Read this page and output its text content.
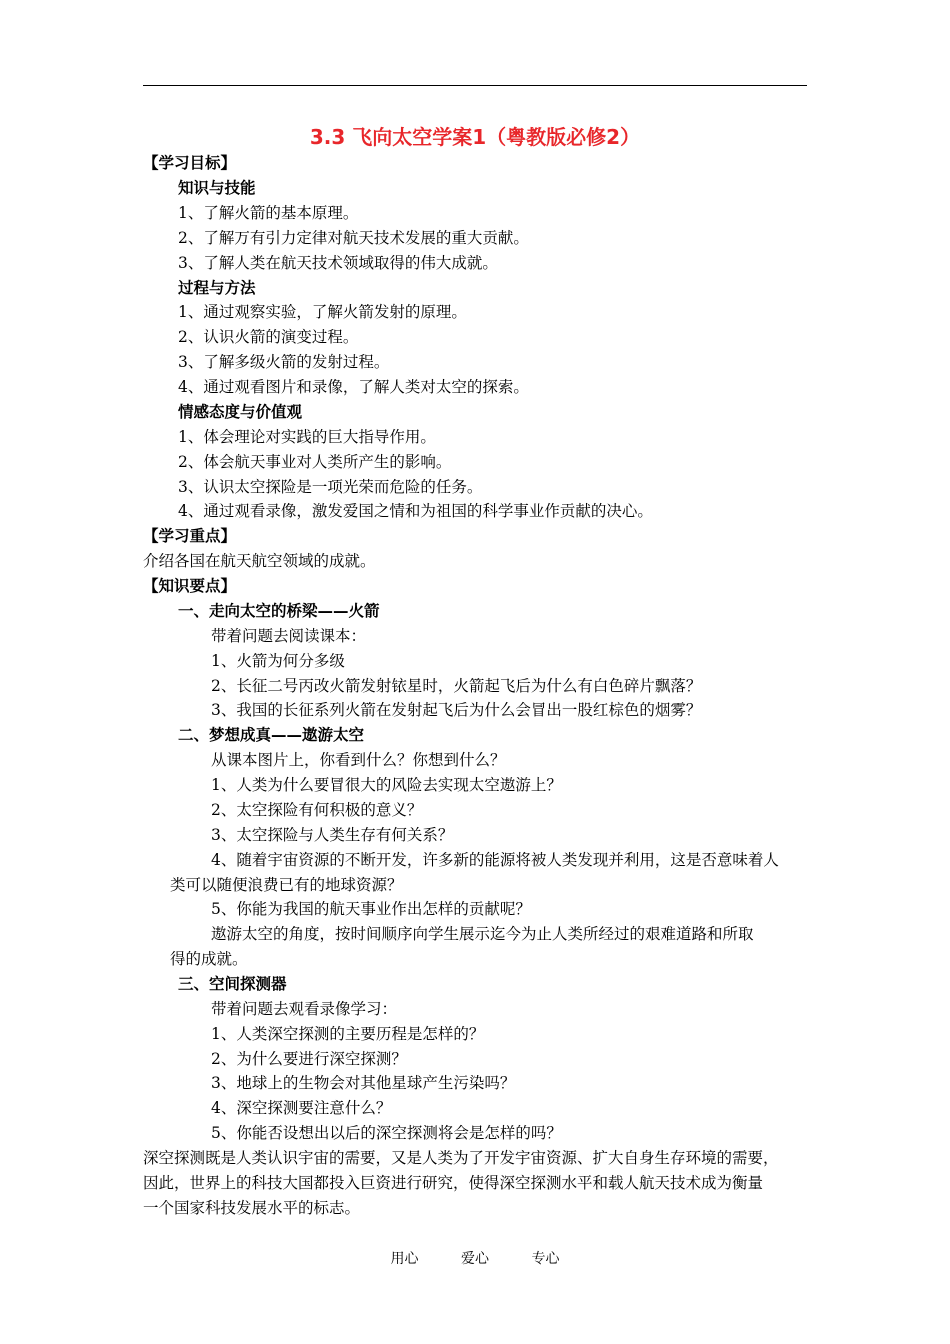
3.3 飞向太空学案1（粤教版必修2）
【学习目标】
知识与技能
1、了解火箭的基本原理。
2、了解万有引力定律对航天技术发展的重大贡献。
3、了解人类在航天技术领域取得的伟大成就。
过程与方法
1、通过观察实验，了解火箭发射的原理。
2、认识火箭的演变过程。
3、了解多级火箭的发射过程。
4、通过观看图片和录像，了解人类对太空的探索。
情感态度与价值观
1、体会理论对实践的巨大指导作用。
2、体会航天事业对人类所产生的影响。
3、认识太空探险是一项光荣而危险的任务。
4、通过观看录像，激发爱国之情和为祖国的科学事业作贡献的决心。
【学习重点】
介绍各国在航天航空领域的成就。
【知识要点】
一、走向太空的桥梁——火箭
带着问题去阅读课本：
1、火箭为何分多级
2、长征二号丙改火箭发射铱星时，火箭起飞后为什么有白色碎片飘落？
3、我国的长征系列火箭在发射起飞后为什么会冒出一股红棕色的烟雾？
二、梦想成真——遨游太空
从课本图片上，你看到什么？你想到什么？
1、人类为什么要冒很大的风险去实现太空遨游上？
2、太空探险有何积极的意义？
3、太空探险与人类生存有何关系？
4、随着宇宙资源的不断开发，许多新的能源将被人类发现并利用，这是否意味着人
类可以随便浪费已有的地球资源？
5、你能为我国的航天事业作出怎样的贡献呢？
遨游太空的角度，按时间顺序向学生展示迄今为止人类所经过的艰难道路和所取
得的成就。
三、空间探测器
带着问题去观看录像学习：
1、人类深空探测的主要历程是怎样的？
2、为什么要进行深空探测？
3、地球上的生物会对其他星球产生污染吗？
4、深空探测要注意什么？
5、你能否设想出以后的深空探测将会是怎样的吗？
深空探测既是人类认识宇宙的需要，又是人类为了开发宇宙资源、扩大自身生存环境的需要，
因此，世界上的科技大国都投入巨资进行研究，使得深空探测水平和载人航天技术成为衡量
一个国家科技发展水平的标志。
用心	爱心	专心
